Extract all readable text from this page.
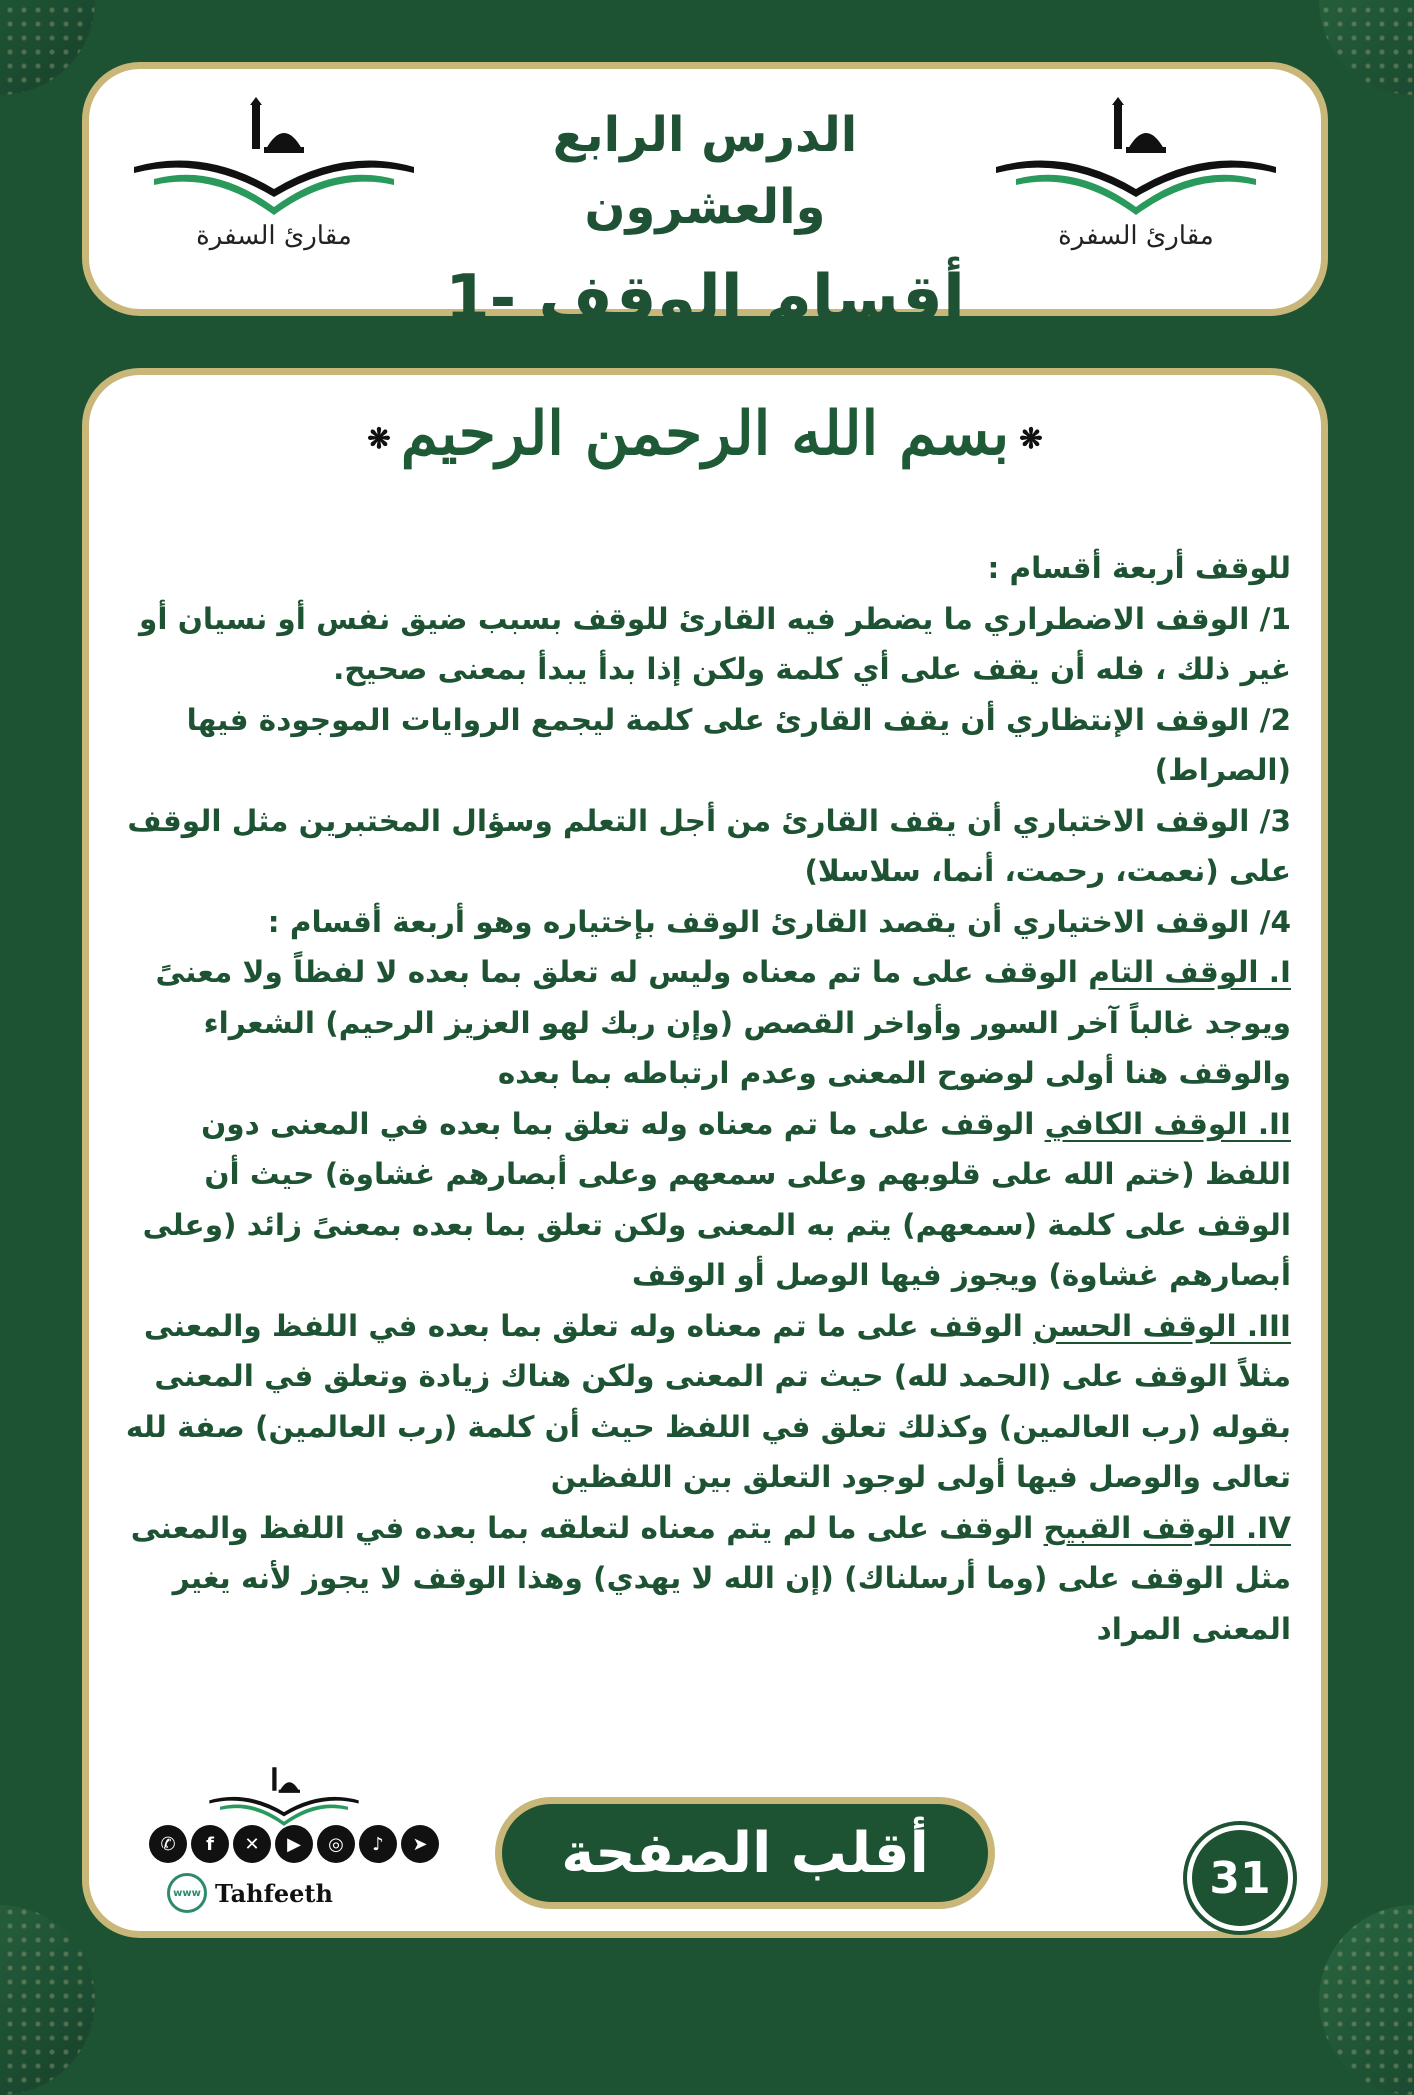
مقارئ السفرة
الدرس الرابع والعشرون
أقسام الوقف -1
مقارئ السفرة
❋بسم الله الرحمن الرحيم❋

للوقف أربعة أقسام :

1/ الوقف الاضطراري ما يضطر فيه القارئ للوقف بسبب ضيق نفس أو نسيان أو غير ذلك ، فله أن يقف على أي كلمة ولكن إذا بدأ يبدأ بمعنى صحيح.

2/ الوقف الإنتظاري أن يقف القارئ على كلمة ليجمع الروايات الموجودة فيها (الصراط)

3/ الوقف الاختباري أن يقف القارئ من أجل التعلم وسؤال المختبرين مثل الوقف على (نعمت، رحمت، أنما، سلاسلا)

4/ الوقف الاختياري أن يقصد القارئ الوقف بإختياره وهو أربعة أقسام :

I. الوقف التام الوقف على ما تم معناه وليس له تعلق بما بعده لا لفظاً ولا معنىً ويوجد غالباً آخر السور وأواخر القصص (وإن ربك لهو العزيز الرحيم) الشعراء والوقف هنا أولى لوضوح المعنى وعدم ارتباطه بما بعده

II. الوقف الكافي الوقف على ما تم معناه وله تعلق بما بعده في المعنى دون اللفظ (ختم الله على قلوبهم وعلى سمعهم وعلى أبصارهم غشاوة) حيث أن الوقف على كلمة (سمعهم) يتم به المعنى ولكن تعلق بما بعده بمعنىً زائد (وعلى أبصارهم غشاوة) ويجوز فيها الوصل أو الوقف

III. الوقف الحسن الوقف على ما تم معناه وله تعلق بما بعده في اللفظ والمعنى مثلاً الوقف على (الحمد لله) حيث تم المعنى ولكن هناك زيادة وتعلق في المعنى بقوله (رب العالمين) وكذلك تعلق في اللفظ حيث أن كلمة (رب العالمين) صفة لله تعالى والوصل فيها أولى لوجود التعلق بين اللفظين

IV. الوقف القبيح الوقف على ما لم يتم معناه لتعلقه بما بعده في اللفظ والمعنى مثل الوقف على (وما أرسلناك) (إن الله لا يهدي) وهذا الوقف لا يجوز لأنه يغير المعنى المراد

✆	f	✕	▶	◎	♪	➤
www Tahfeeth
أقلب الصفحة	31
